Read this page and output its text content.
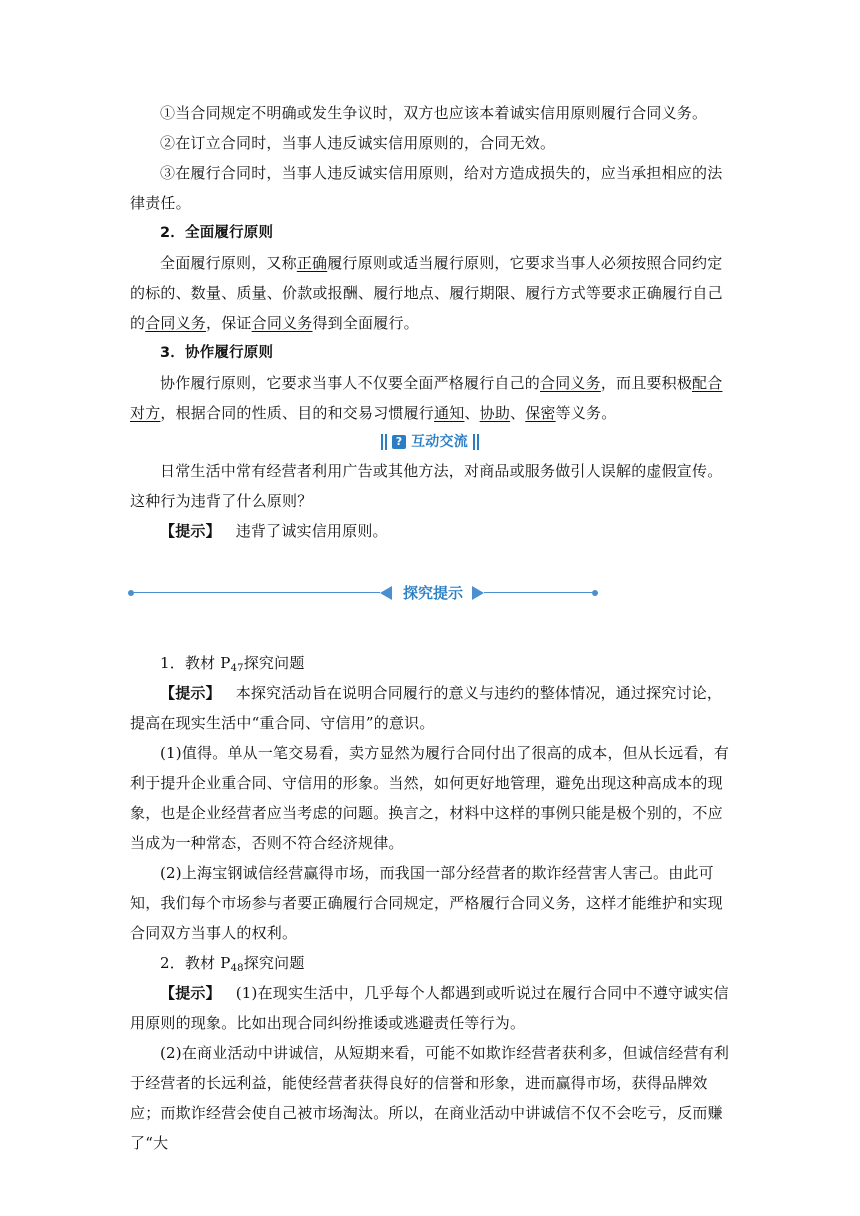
①当合同规定不明确或发生争议时，双方也应该本着诚实信用原则履行合同义务。

②在订立合同时，当事人违反诚实信用原则的，合同无效。

③在履行合同时，当事人违反诚实信用原则，给对方造成损失的，应当承担相应的法律责任。

2．全面履行原则

全面履行原则，又称正确履行原则或适当履行原则，它要求当事人必须按照合同约定的标的、数量、质量、价款或报酬、履行地点、履行期限、履行方式等要求正确履行自己的合同义务，保证合同义务得到全面履行。

3．协作履行原则

协作履行原则，它要求当事人不仅要全面严格履行自己的合同义务，而且要积极配合对方，根据合同的性质、目的和交易习惯履行通知、协助、保密等义务。

? 互动交流

日常生活中常有经营者利用广告或其他方法，对商品或服务做引人误解的虚假宣传。这种行为违背了什么原则？

【提示】 违背了诚实信用原则。

探究提示

1．教材 $P_{47}$探究问题

【提示】 本探究活动旨在说明合同履行的意义与违约的整体情况，通过探究讨论，提高在现实生活中“重合同、守信用”的意识。

(1)值得。单从一笔交易看，卖方显然为履行合同付出了很高的成本，但从长远看，有利于提升企业重合同、守信用的形象。当然，如何更好地管理，避免出现这种高成本的现象，也是企业经营者应当考虑的问题。换言之，材料中这样的事例只能是极个别的，不应当成为一种常态，否则不符合经济规律。

(2)上海宝钢诚信经营赢得市场，而我国一部分经营者的欺诈经营害人害己。由此可知，我们每个市场参与者要正确履行合同规定，严格履行合同义务，这样才能维护和实现合同双方当事人的权利。

2．教材 $P_{48}$探究问题

【提示】 (1)在现实生活中，几乎每个人都遇到或听说过在履行合同中不遵守诚实信用原则的现象。比如出现合同纠纷推诿或逃避责任等行为。

(2)在商业活动中讲诚信，从短期来看，可能不如欺诈经营者获利多，但诚信经营有利于经营者的长远利益，能使经营者获得良好的信誉和形象，进而赢得市场，获得品牌效应；而欺诈经营会使自己被市场淘汰。所以，在商业活动中讲诚信不仅不会吃亏，反而赚了“大
